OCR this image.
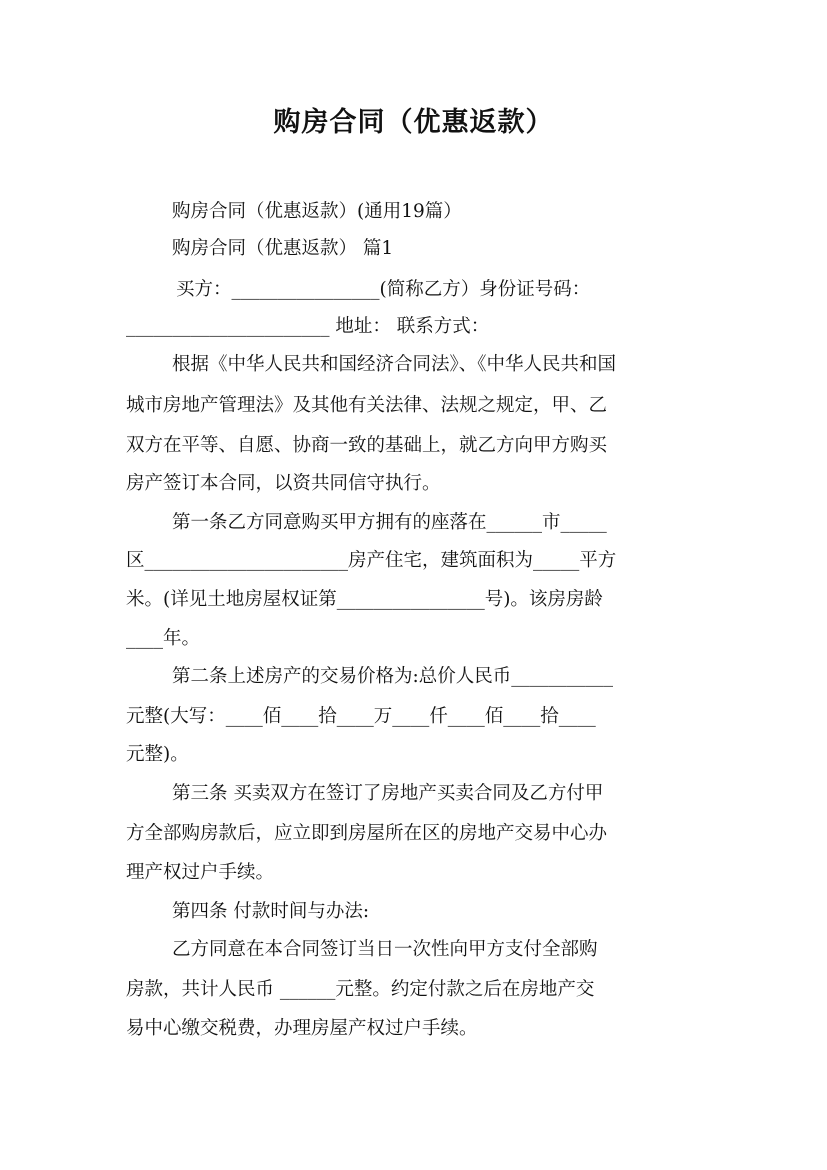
购房合同（优惠返款）
购房合同（优惠返款）(通用19篇）
购房合同（优惠返款） 篇1
买方：________________(简称乙方）身份证号码：
______________________ 地址： 联系方式：
根据《中华人民共和国经济合同法》、《中华人民共和国
城市房地产管理法》及其他有关法律、法规之规定，甲、乙
双方在平等、自愿、协商一致的基础上，就乙方向甲方购买
房产签订本合同，以资共同信守执行。
第一条乙方同意购买甲方拥有的座落在______市_____
区______________________房产住宅，建筑面积为_____平方
米。(详见土地房屋权证第________________号)。该房房龄
____年。
第二条上述房产的交易价格为:总价人民币___________
元整(大写：____佰____拾____万____仟____佰____拾____
元整)。
第三条 买卖双方在签订了房地产买卖合同及乙方付甲
方全部购房款后，应立即到房屋所在区的房地产交易中心办
理产权过户手续。
第四条 付款时间与办法:
乙方同意在本合同签订当日一次性向甲方支付全部购
房款，共计人民币 ______元整。约定付款之后在房地产交
易中心缴交税费，办理房屋产权过户手续。
